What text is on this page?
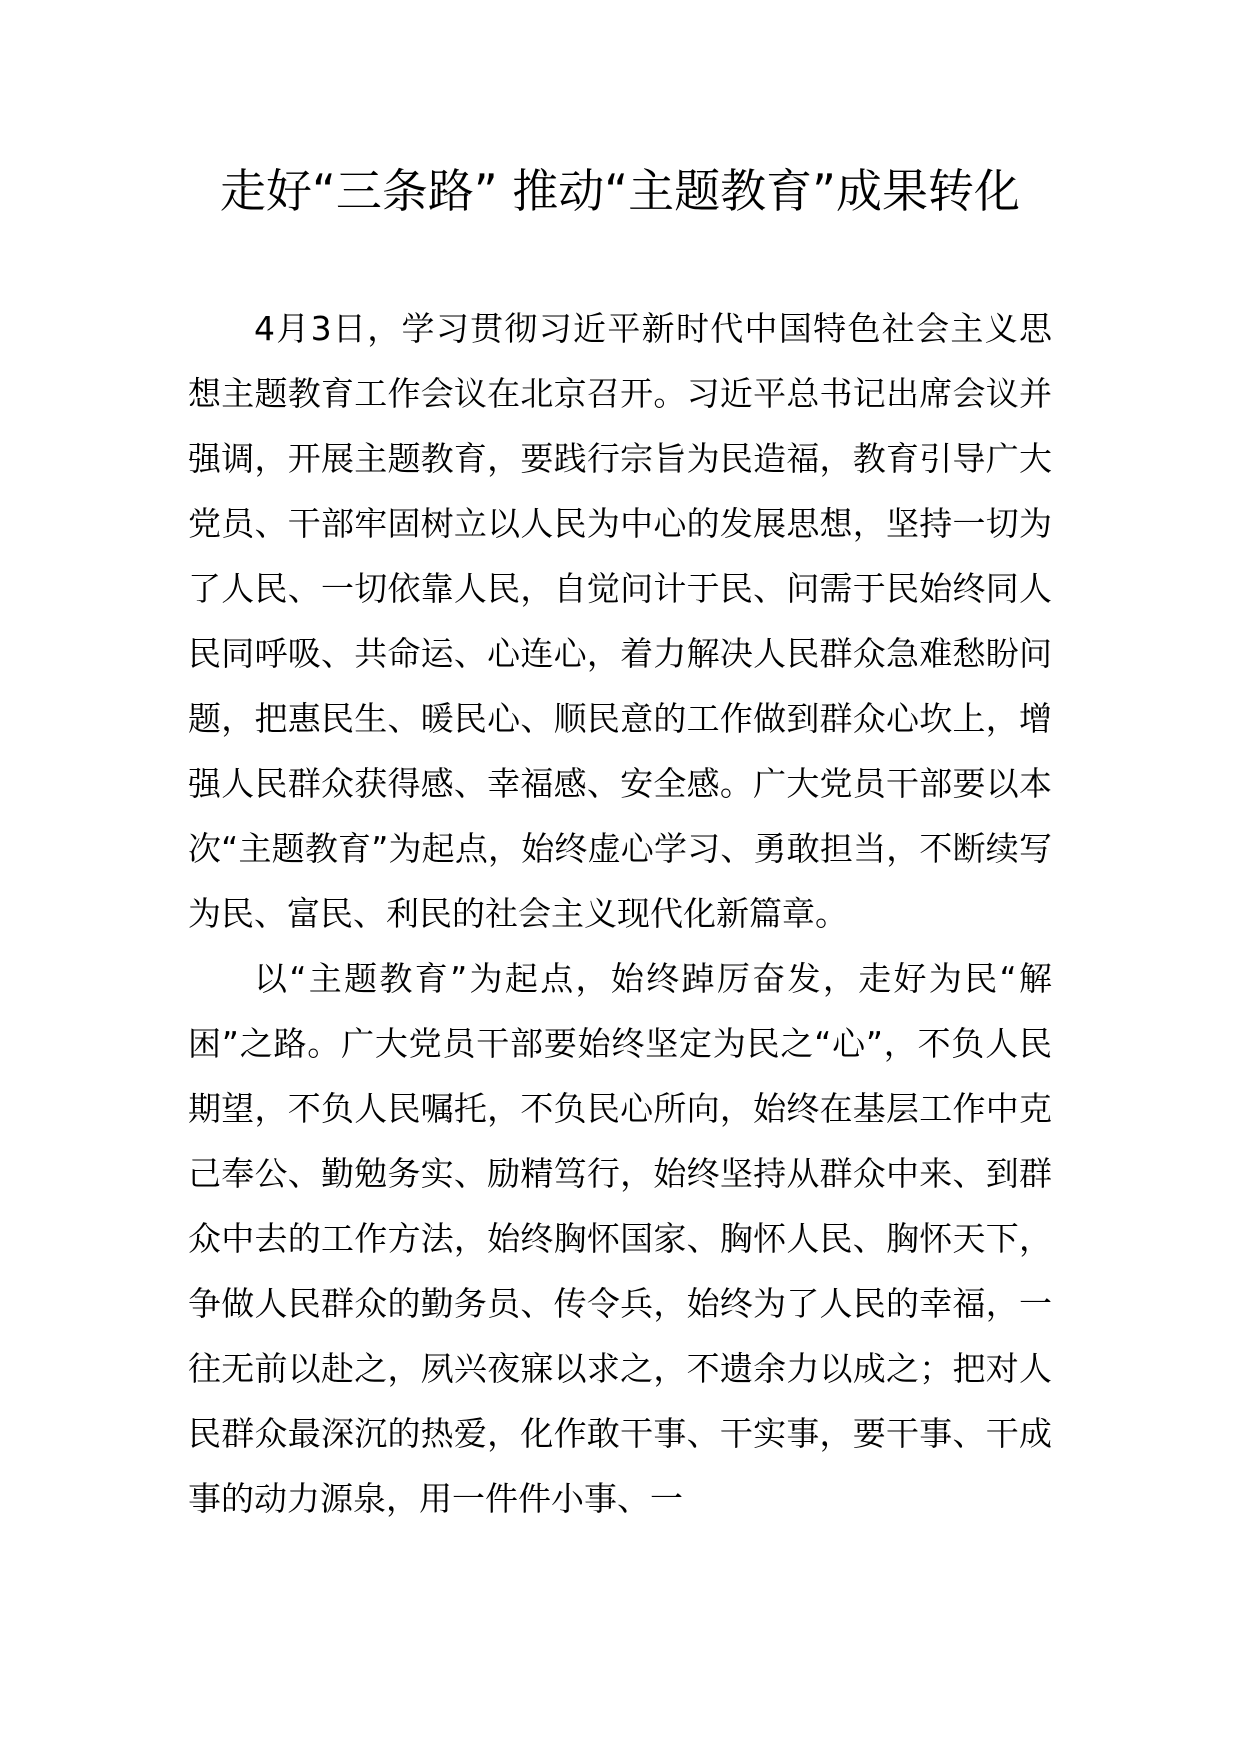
走好“三条路” 推动“主题教育”成果转化

4月3日，学习贯彻习近平新时代中国特色社会主义思想主题教育工作会议在北京召开。习近平总书记出席会议并强调，开展主题教育，要践行宗旨为民造福，教育引导广大党员、干部牢固树立以人民为中心的发展思想，坚持一切为了人民、一切依靠人民，自觉问计于民、问需于民始终同人民同呼吸、共命运、心连心，着力解决人民群众急难愁盼问题，把惠民生、暖民心、顺民意的工作做到群众心坎上，增强人民群众获得感、幸福感、安全感。广大党员干部要以本次“主题教育”为起点，始终虚心学习、勇敢担当，不断续写为民、富民、利民的社会主义现代化新篇章。

以“主题教育”为起点，始终踔厉奋发，走好为民“解困”之路。广大党员干部要始终坚定为民之“心”，不负人民期望，不负人民嘱托，不负民心所向，始终在基层工作中克己奉公、勤勉务实、励精笃行，始终坚持从群众中来、到群众中去的工作方法，始终胸怀国家、胸怀人民、胸怀天下，争做人民群众的勤务员、传令兵，始终为了人民的幸福，一往无前以赴之，夙兴夜寐以求之，不遗余力以成之；把对人民群众最深沉的热爱，化作敢干事、干实事，要干事、干成事的动力源泉，用一件件小事、一
